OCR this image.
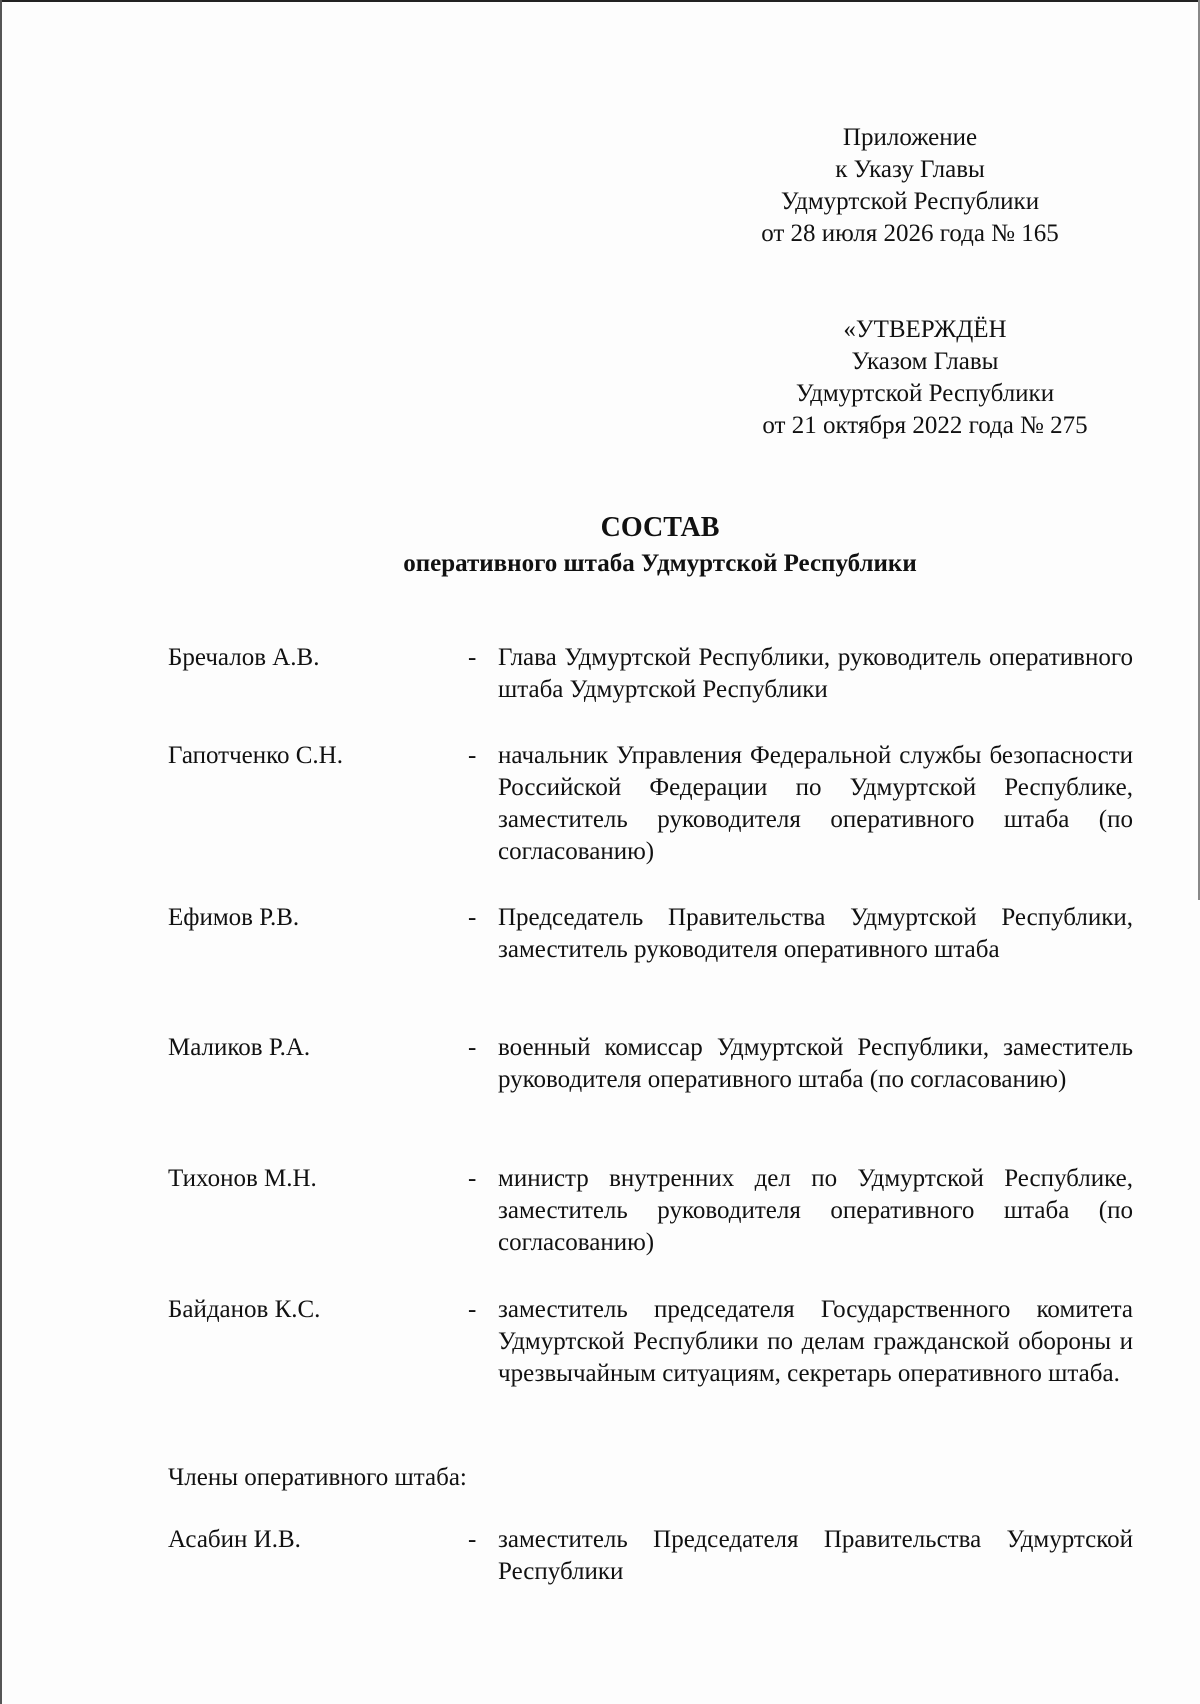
Приложение
к Указу Главы
Удмуртской Республики
от 28 июля 2026 года № 165
«УТВЕРЖДЁН
Указом Главы
Удмуртской Республики
от 21 октября 2022 года № 275
СОСТАВ
оперативного штаба Удмуртской Республики
Бречалов А.В.	- Глава Удмуртской Республики, руководитель оперативного штаба Удмуртской Республики
Гапотченко С.Н.	- начальник Управления Федеральной службы безопасности Российской Федерации по Удмуртской Республике, заместитель руководителя оперативного штаба (по согласованию)
Ефимов Р.В.	- Председатель Правительства Удмуртской Республики, заместитель руководителя оперативного штаба
Маликов Р.А.	- военный комиссар Удмуртской Республики, заместитель руководителя оперативного штаба (по согласованию)
Тихонов М.Н.	- министр внутренних дел по Удмуртской Республике, заместитель руководителя оперативного штаба (по согласованию)
Байданов К.С.	- заместитель председателя Государственного комитета Удмуртской Республики по делам гражданской обороны и чрезвычайным ситуациям, секретарь оперативного штаба.
Члены оперативного штаба:
Асабин И.В.	- заместитель Председателя Правительства Удмуртской Республики
